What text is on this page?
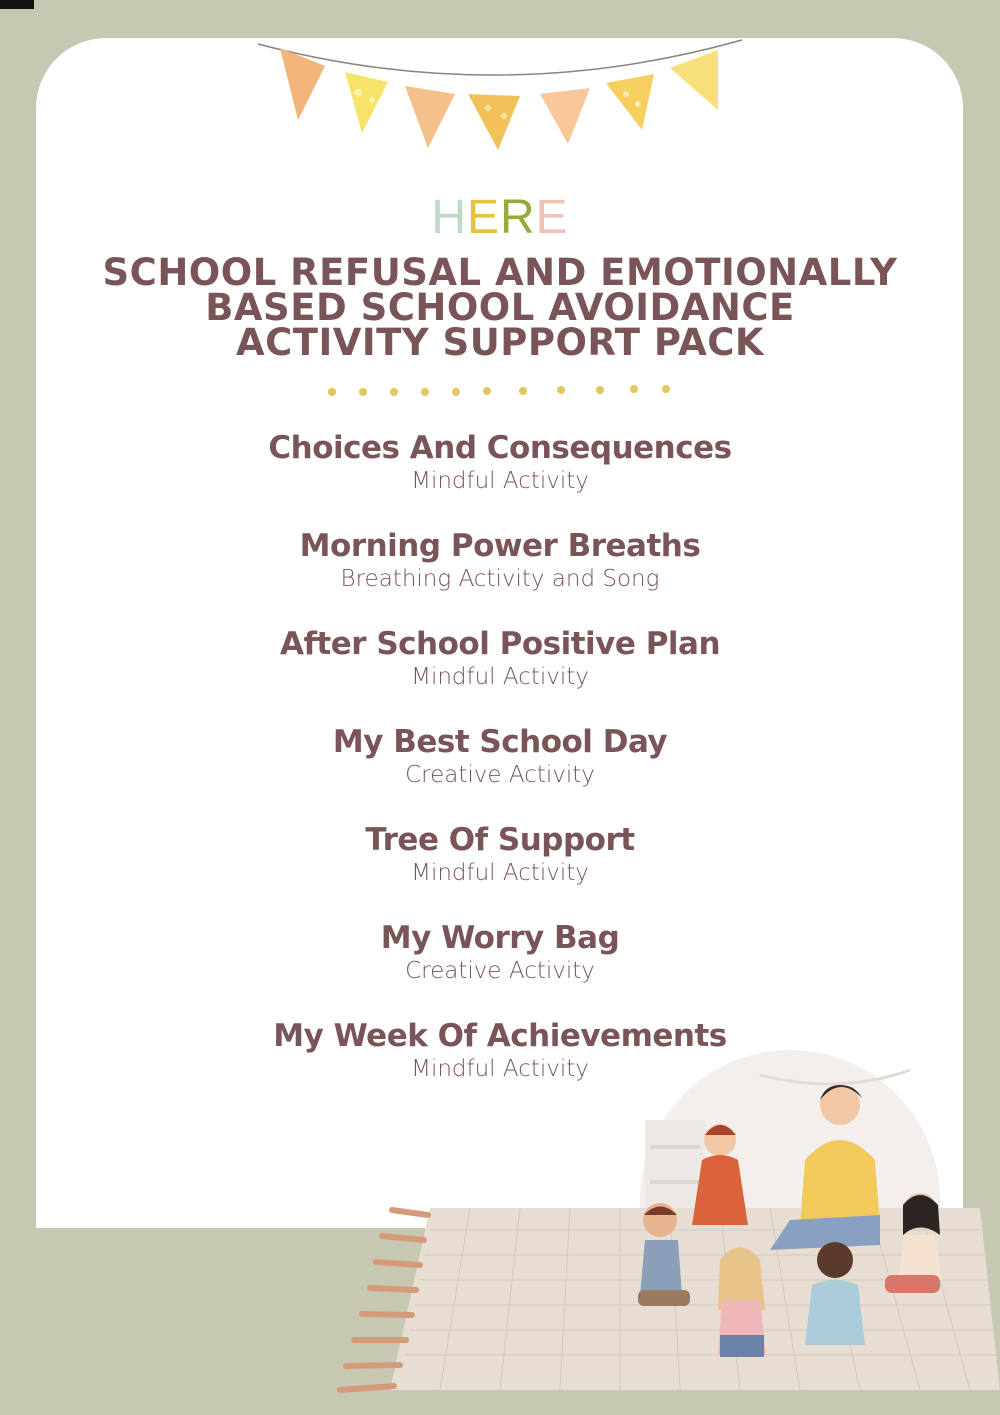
HERE
SCHOOL REFUSAL AND EMOTIONALLY
BASED SCHOOL AVOIDANCE
ACTIVITY SUPPORT PACK
Choices And Consequences
Mindful Activity
Morning Power Breaths
Breathing Activity and Song
After School Positive Plan
Mindful Activity
My Best School Day
Creative Activity
Tree Of Support
Mindful Activity
My Worry Bag
Creative Activity
My Week Of Achievements
Mindful Activity
